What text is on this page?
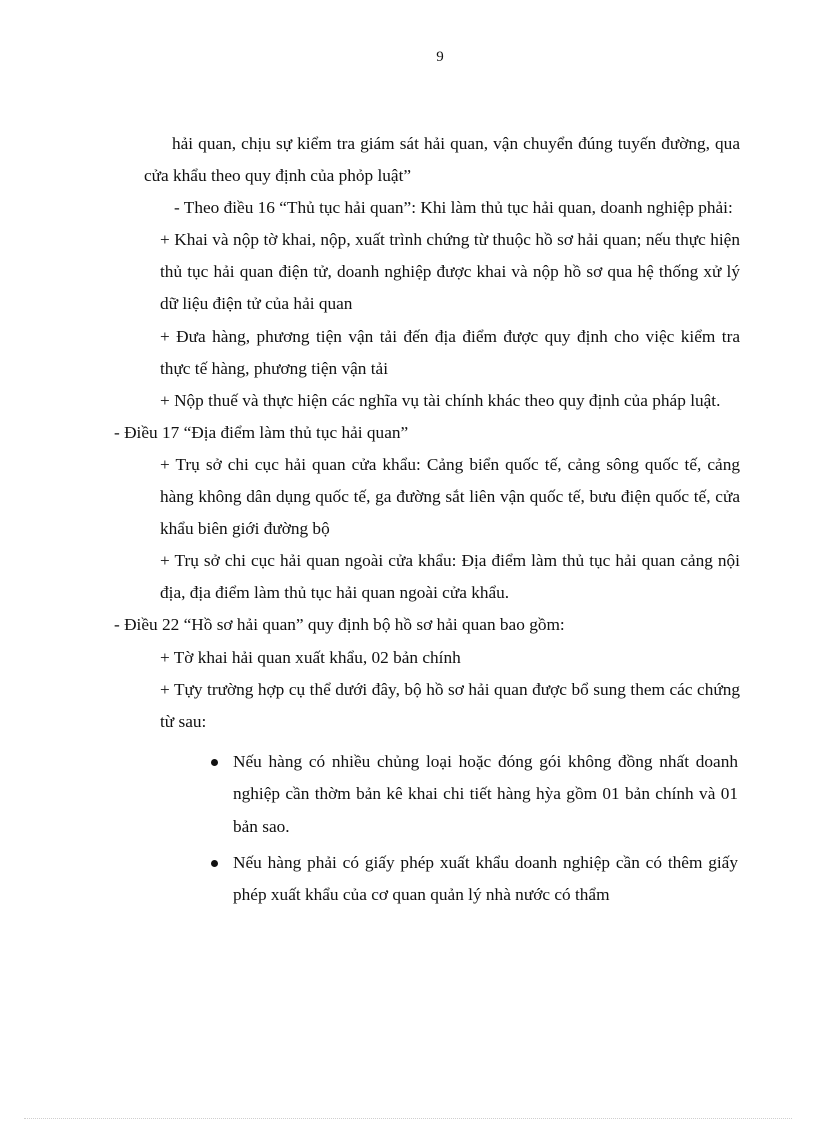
9

hải quan, chịu sự kiểm tra giám sát hải quan, vận chuyển đúng tuyến đường, qua cửa khẩu theo quy định của phỏp luật”

- Theo điều 16 “Thủ tục hải quan”: Khi làm thủ tục hải quan, doanh nghiệp phải:

+ Khai và nộp tờ khai, nộp, xuất trình chứng từ thuộc hồ sơ hải quan; nếu thực hiện thủ tục hải quan điện tử, doanh nghiệp được khai và nộp hồ sơ qua hệ thống xử lý dữ liệu điện tử của hải quan

+ Đưa hàng, phương tiện vận tải đến địa điểm được quy định cho việc kiểm tra thực tế hàng, phương tiện vận tải

+ Nộp thuế và thực hiện các nghĩa vụ tài chính khác theo quy định của pháp luật.

- Điều 17 “Địa điểm làm thủ tục hải quan”

+ Trụ sở chi cục hải quan cửa khẩu: Cảng biển quốc tế, cảng sông quốc tế, cảng hàng không dân dụng quốc tế, ga đường sắt liên vận quốc tế, bưu điện quốc tế, cửa khẩu biên giới đường bộ

+ Trụ sở chi cục hải quan ngoài cửa khẩu: Địa điểm làm thủ tục hải quan cảng nội địa, địa điểm làm thủ tục hải quan ngoài cửa khẩu.

- Điều 22 “Hồ sơ hải quan” quy định bộ hồ sơ hải quan bao gồm:

+ Tờ khai hải quan xuất khẩu, 02 bản chính

+ Tựy trường hợp cụ thể dưới đây, bộ hồ sơ hải quan được bổ sung them các chứng từ sau:

Nếu hàng có nhiều chủng loại hoặc đóng gói không đồng nhất doanh nghiệp cần thờm bản kê khai chi tiết hàng hỳa gồm 01 bản chính và 01 bản sao.
Nếu hàng phải có giấy phép xuất khẩu doanh nghiệp cần có thêm giấy phép xuất khẩu của cơ quan quản lý nhà nước có thẩm
